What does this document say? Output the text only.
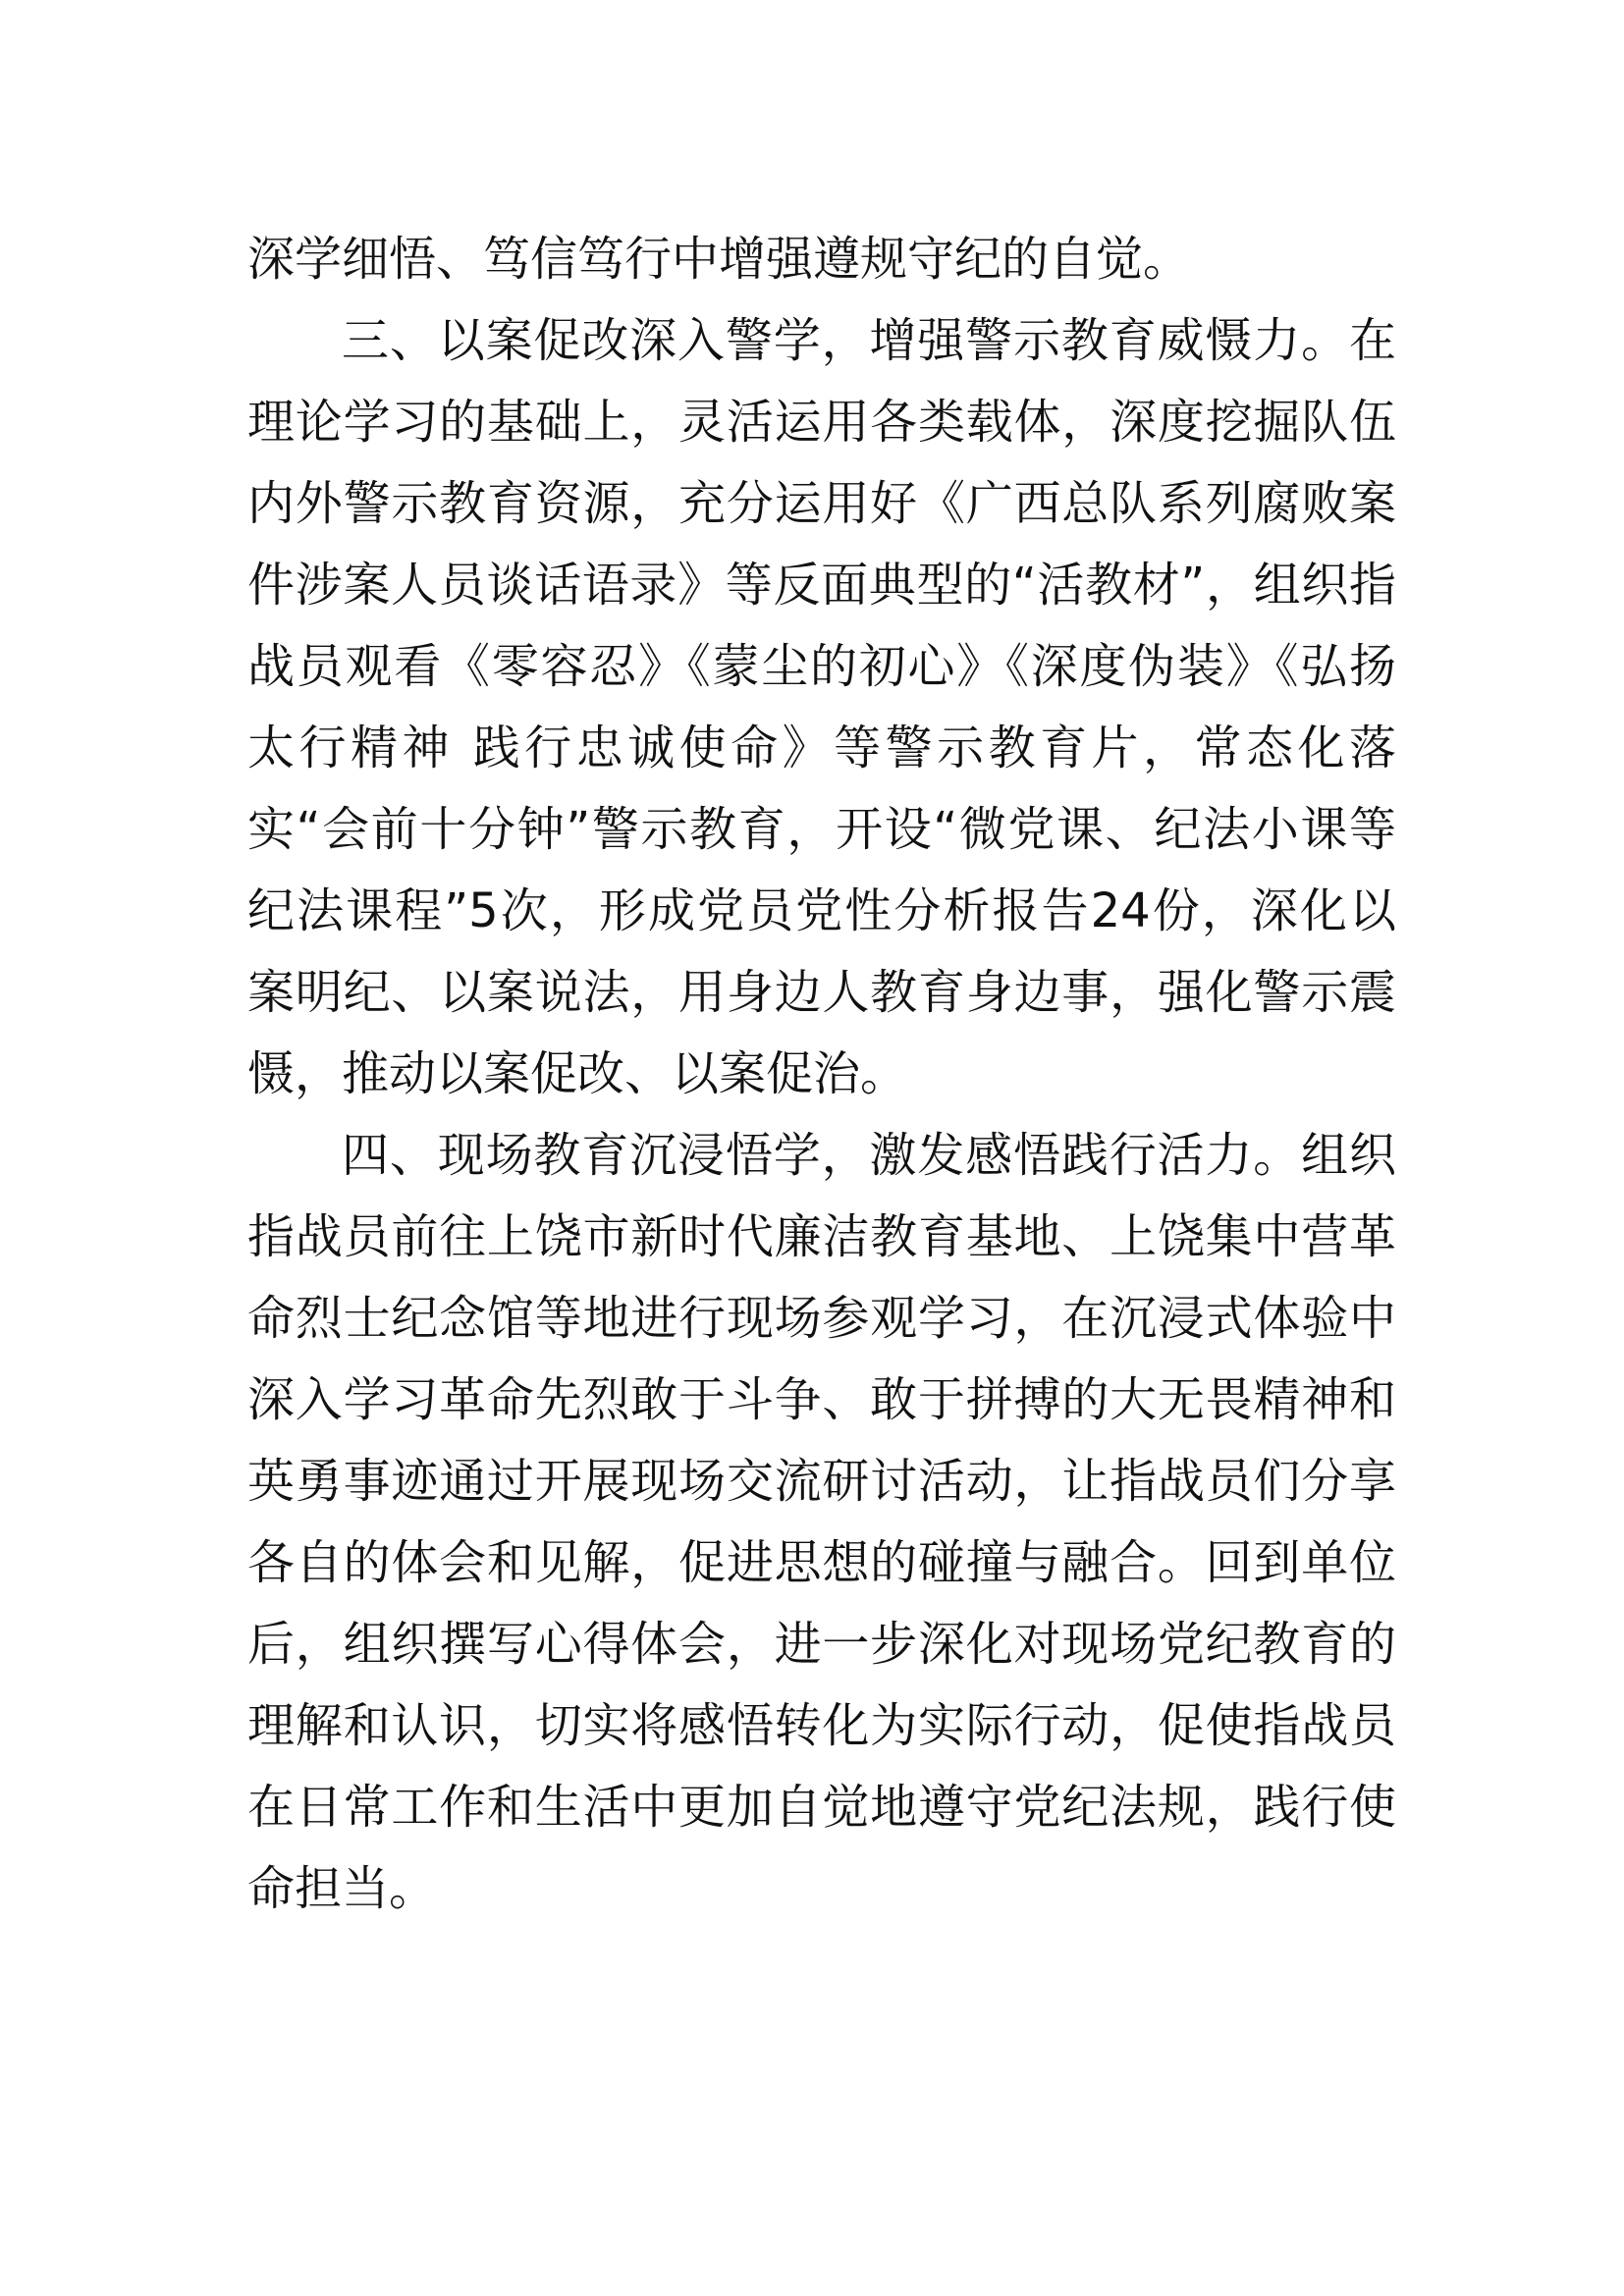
深学细悟、笃信笃行中增强遵规守纪的自觉。

三、以案促改深入警学，增强警示教育威慑力。在理论学习的基础上，灵活运用各类载体，深度挖掘队伍内外警示教育资源，充分运用好《广西总队系列腐败案件涉案人员谈话语录》等反面典型的“活教材”，组织指战员观看《零容忍》《蒙尘的初心》《深度伪装》《弘扬太行精神 践行忠诚使命》等警示教育片，常态化落实“会前十分钟”警示教育，开设“微党课、纪法小课等纪法课程”5次，形成党员党性分析报告24份，深化以案明纪、以案说法，用身边人教育身边事，强化警示震慑，推动以案促改、以案促治。

四、现场教育沉浸悟学，激发感悟践行活力。组织指战员前往上饶市新时代廉洁教育基地、上饶集中营革命烈士纪念馆等地进行现场参观学习，在沉浸式体验中深入学习革命先烈敢于斗争、敢于拼搏的大无畏精神和英勇事迹通过开展现场交流研讨活动，让指战员们分享各自的体会和见解，促进思想的碰撞与融合。回到单位后，组织撰写心得体会，进一步深化对现场党纪教育的理解和认识，切实将感悟转化为实际行动，促使指战员在日常工作和生活中更加自觉地遵守党纪法规，践行使命担当。
